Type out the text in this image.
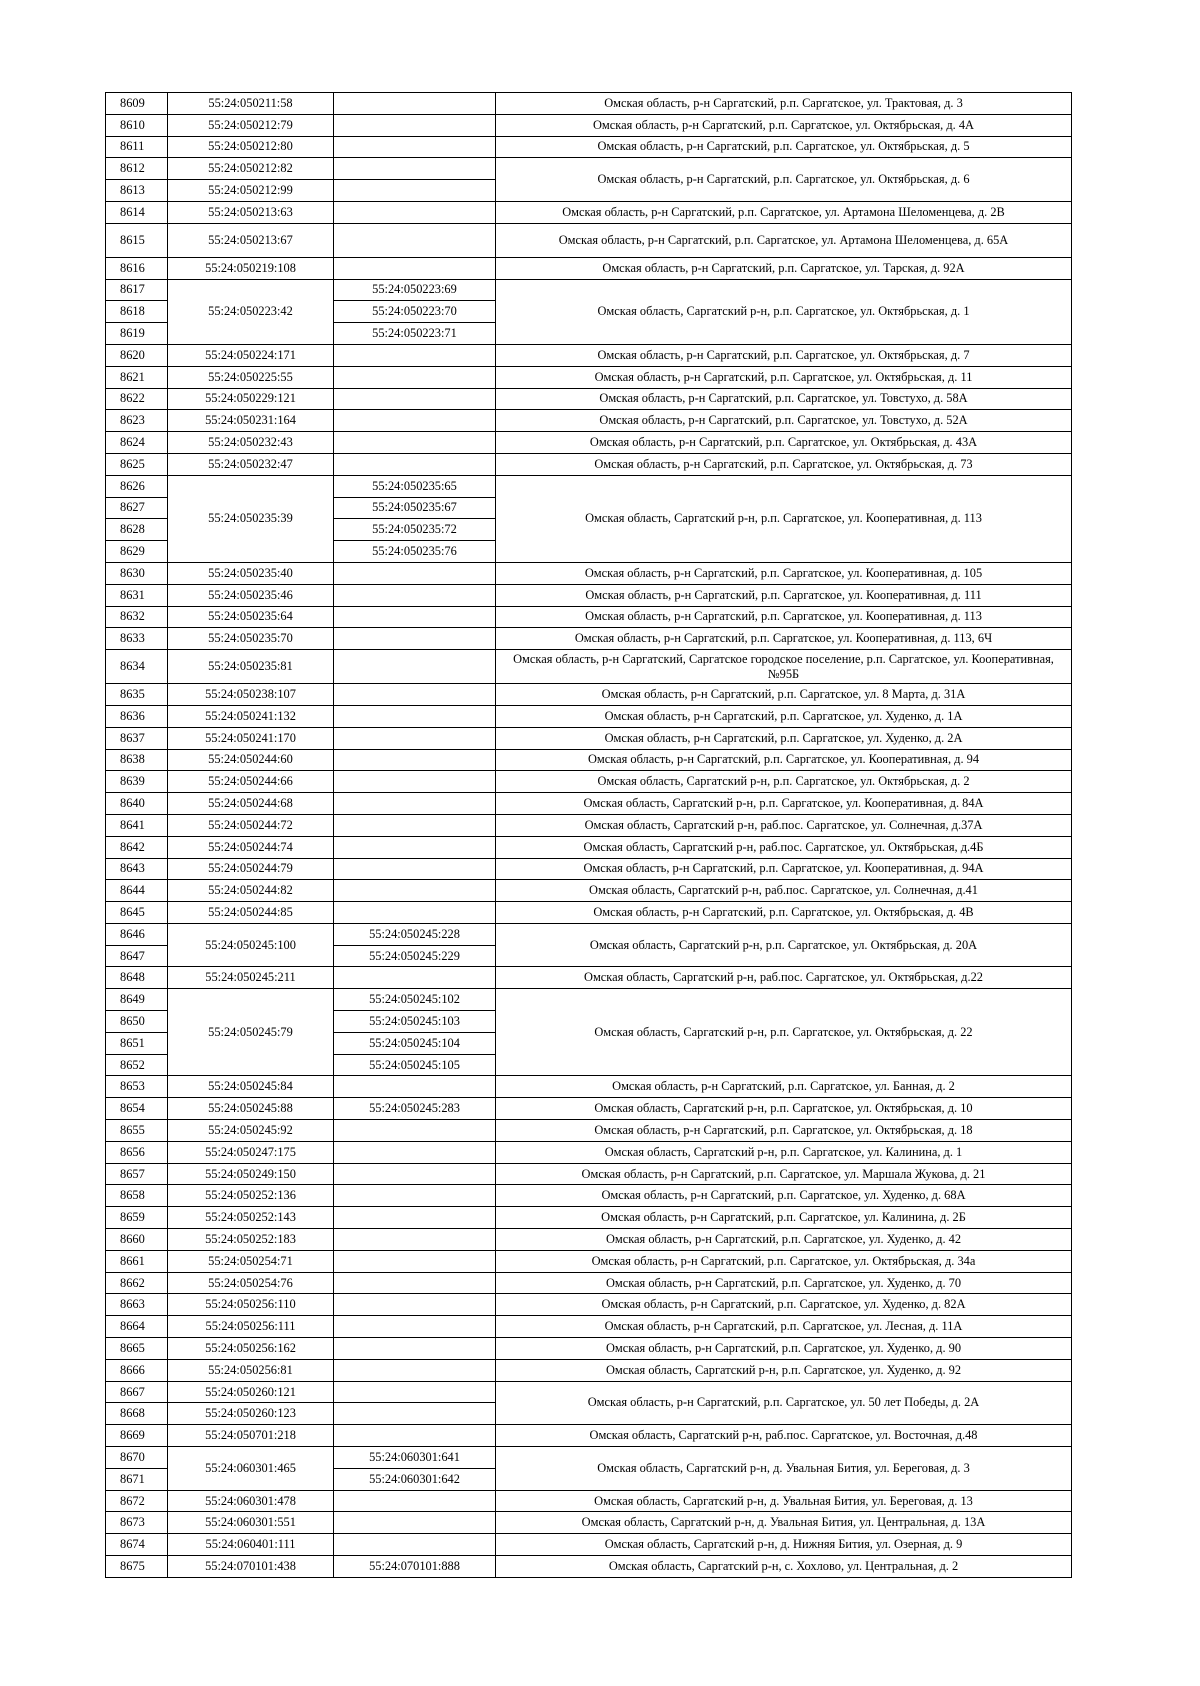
8609	55:24:050211:58		Омская область, р-н Саргатский, р.п. Саргатское, ул. Трактовая, д. 3
8610	55:24:050212:79		Омская область, р-н Саргатский, р.п. Саргатское, ул. Октябрьская, д. 4А
8611	55:24:050212:80		Омская область, р-н Саргатский, р.п. Саргатское, ул. Октябрьская, д. 5
8612	55:24:050212:82		Омская область, р-н Саргатский, р.п. Саргатское, ул. Октябрьская, д. 6
8613	55:24:050212:99		
8614	55:24:050213:63		Омская область, р-н Саргатский, р.п. Саргатское, ул. Артамона Шеломенцева, д. 2В
8615	55:24:050213:67		Омская область, р-н Саргатский, р.п. Саргатское, ул. Артамона Шеломенцева, д. 65А
8616	55:24:050219:108		Омская область, р-н Саргатский, р.п. Саргатское, ул. Тарская, д. 92А
8617	55:24:050223:42	55:24:050223:69	Омская область, Саргатский р-н, р.п. Саргатское, ул. Октябрьская, д. 1
8618		55:24:050223:70	
8619		55:24:050223:71	
8620	55:24:050224:171		Омская область, р-н Саргатский, р.п. Саргатское, ул. Октябрьская, д. 7
8621	55:24:050225:55		Омская область, р-н Саргатский, р.п. Саргатское, ул. Октябрьская, д. 11
8622	55:24:050229:121		Омская область, р-н Саргатский, р.п. Саргатское, ул. Товстухо, д. 58А
8623	55:24:050231:164		Омская область, р-н Саргатский, р.п. Саргатское, ул. Товстухо, д. 52А
8624	55:24:050232:43		Омская область, р-н Саргатский, р.п. Саргатское, ул. Октябрьская, д. 43А
8625	55:24:050232:47		Омская область, р-н Саргатский, р.п. Саргатское, ул. Октябрьская, д. 73
8626	55:24:050235:39	55:24:050235:65	Омская область, Саргатский р-н, р.п. Саргатское, ул. Кооперативная, д. 113
8627		55:24:050235:67	
8628		55:24:050235:72	
8629		55:24:050235:76	
8630	55:24:050235:40		Омская область, р-н Саргатский, р.п. Саргатское, ул. Кооперативная, д. 105
8631	55:24:050235:46		Омская область, р-н Саргатский, р.п. Саргатское, ул. Кооперативная, д. 111
8632	55:24:050235:64		Омская область, р-н Саргатский, р.п. Саргатское, ул. Кооперативная, д. 113
8633	55:24:050235:70		Омская область, р-н Саргатский, р.п. Саргатское, ул. Кооперативная, д. 113, 6Ч
8634	55:24:050235:81		Омская область, р-н Саргатский, Саргатское городское поселение, р.п. Саргатское, ул. Кооперативная, №95Б
8635	55:24:050238:107		Омская область, р-н Саргатский, р.п. Саргатское, ул. 8 Марта, д. 31А
8636	55:24:050241:132		Омская область, р-н Саргатский, р.п. Саргатское, ул. Худенко, д. 1А
8637	55:24:050241:170		Омская область, р-н Саргатский, р.п. Саргатское, ул. Худенко, д. 2А
8638	55:24:050244:60		Омская область, р-н Саргатский, р.п. Саргатское, ул. Кооперативная, д. 94
8639	55:24:050244:66		Омская область, Саргатский р-н, р.п. Саргатское, ул. Октябрьская, д. 2
8640	55:24:050244:68		Омская область, Саргатский р-н, р.п. Саргатское, ул. Кооперативная, д. 84А
8641	55:24:050244:72		Омская область, Саргатский р-н, раб.пос. Саргатское, ул. Солнечная, д.37А
8642	55:24:050244:74		Омская область, Саргатский р-н, раб.пос. Саргатское, ул. Октябрьская, д.4Б
8643	55:24:050244:79		Омская область, р-н Саргатский, р.п. Саргатское, ул. Кооперативная, д. 94А
8644	55:24:050244:82		Омская область, Саргатский р-н, раб.пос. Саргатское, ул. Солнечная, д.41
8645	55:24:050244:85		Омская область, р-н Саргатский, р.п. Саргатское, ул. Октябрьская, д. 4В
8646	55:24:050245:100	55:24:050245:228	Омская область, Саргатский р-н, р.п. Саргатское, ул. Октябрьская, д. 20А
8647		55:24:050245:229	
8648	55:24:050245:211		Омская область, Саргатский р-н, раб.пос. Саргатское, ул. Октябрьская, д.22
8649	55:24:050245:79	55:24:050245:102	Омская область, Саргатский р-н, р.п. Саргатское, ул. Октябрьская, д. 22
8650		55:24:050245:103	
8651		55:24:050245:104	
8652		55:24:050245:105	
8653	55:24:050245:84		Омская область, р-н Саргатский, р.п. Саргатское, ул. Банная, д. 2
8654	55:24:050245:88	55:24:050245:283	Омская область, Саргатский р-н, р.п. Саргатское, ул. Октябрьская, д. 10
8655	55:24:050245:92		Омская область, р-н Саргатский, р.п. Саргатское, ул. Октябрьская, д. 18
8656	55:24:050247:175		Омская область, Саргатский р-н, р.п. Саргатское, ул. Калинина, д. 1
8657	55:24:050249:150		Омская область, р-н Саргатский, р.п. Саргатское, ул. Маршала Жукова, д. 21
8658	55:24:050252:136		Омская область, р-н Саргатский, р.п. Саргатское, ул. Худенко, д. 68А
8659	55:24:050252:143		Омская область, р-н Саргатский, р.п. Саргатское, ул. Калинина, д. 2Б
8660	55:24:050252:183		Омская область, р-н Саргатский, р.п. Саргатское, ул. Худенко, д. 42
8661	55:24:050254:71		Омская область, р-н Саргатский, р.п. Саргатское, ул. Октябрьская, д. 34а
8662	55:24:050254:76		Омская область, р-н Саргатский, р.п. Саргатское, ул. Худенко, д. 70
8663	55:24:050256:110		Омская область, р-н Саргатский, р.п. Саргатское, ул. Худенко, д. 82А
8664	55:24:050256:111		Омская область, р-н Саргатский, р.п. Саргатское, ул. Лесная, д. 11А
8665	55:24:050256:162		Омская область, р-н Саргатский, р.п. Саргатское, ул. Худенко, д. 90
8666	55:24:050256:81		Омская область, Саргатский р-н, р.п. Саргатское, ул. Худенко, д. 92
8667	55:24:050260:121		Омская область, р-н Саргатский, р.п. Саргатское, ул. 50 лет Победы, д. 2А
8668	55:24:050260:123		
8669	55:24:050701:218		Омская область, Саргатский р-н, раб.пос. Саргатское, ул. Восточная, д.48
8670	55:24:060301:465	55:24:060301:641	Омская область, Саргатский р-н, д. Увальная Бития, ул. Береговая, д. 3
8671		55:24:060301:642	
8672	55:24:060301:478		Омская область, Саргатский р-н, д. Увальная Бития, ул. Береговая, д. 13
8673	55:24:060301:551		Омская область, Саргатский р-н, д. Увальная Бития, ул. Центральная, д. 13А
8674	55:24:060401:111		Омская область, Саргатский р-н, д. Нижняя Бития, ул. Озерная, д. 9
8675	55:24:070101:438	55:24:070101:888	Омская область, Саргатский р-н, с. Хохлово, ул. Центральная, д. 2
